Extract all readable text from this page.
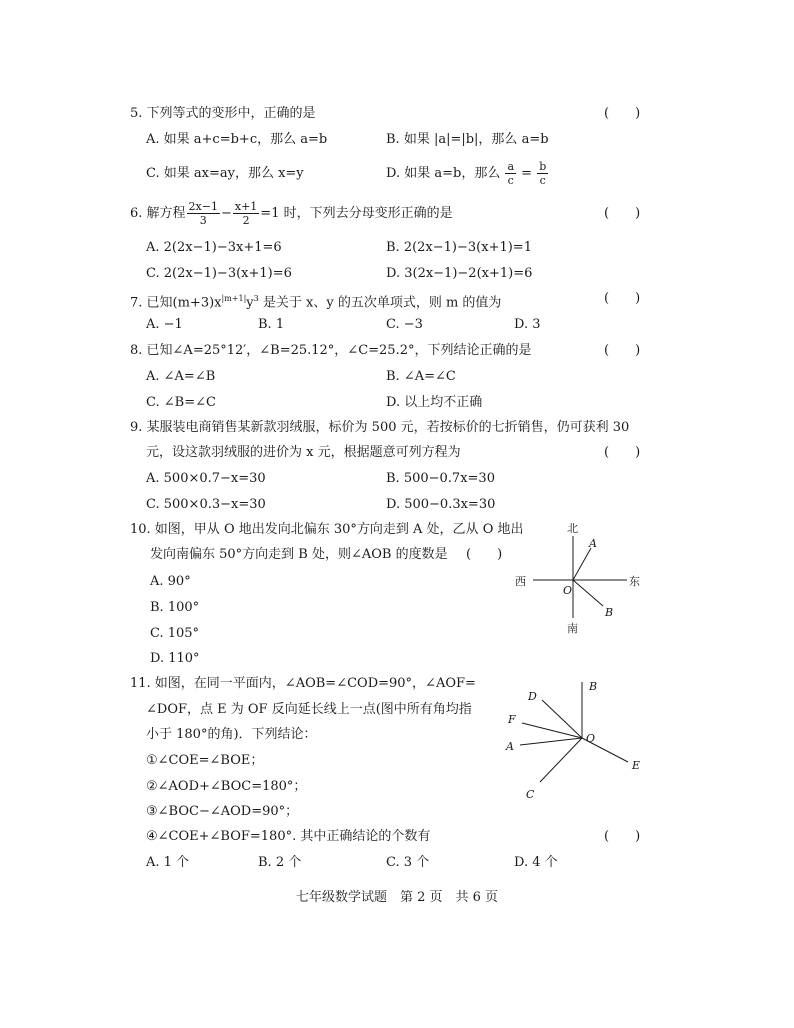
5. 下列等式的变形中，正确的是	(　　)
A. 如果 a+c=b+c，那么 a=b	B. 如果 |a|=|b|，那么 a=b
C. 如果 ax=ay，那么 x=y	D. 如果 a=b，那么 $\frac{a}{c} = \frac{b}{c}$
6. 解方程 $\frac{2x-1}{3} - \frac{x+1}{2} =1$ 时，下列去分母变形正确的是	(　　)
A. 2(2x−1)−3x+1=6	B. 2(2x−1)−3(x+1)=1
C. 2(2x−1)−3(x+1)=6	D. 3(2x−1)−2(x+1)=6
7. 已知$(m+3)x^{|m+1|}y^3$ 是关于 x、y 的五次单项式，则 m 的值为	(　　)
A. −1	B. 1	C. −3	D. 3
8. 已知∠A=25°12′，∠B=25.12°，∠C=25.2°，下列结论正确的是	(　　)
A. ∠A=∠B	B. ∠A=∠C
C. ∠B=∠C	D. 以上均不正确
9. 某服装电商销售某新款羽绒服，标价为 500 元，若按标价的七折销售，仍可获利 30
元，设这款羽绒服的进价为 x 元，根据题意可列方程为	(　　)
A. 500×0.7−x=30	B. 500−0.7x=30
C. 500×0.3−x=30	D. 500−0.3x=30
10. 如图，甲从 O 地出发向北偏东 30°方向走到 A 处，乙从 O 地出
发向南偏东 50°方向走到 B 处，则∠AOB 的度数是 (　　)
A. 90°
B. 100°
C. 105°
D. 110°
北
南
西	东
O
A
B
11. 如图，在同一平面内，∠AOB=∠COD=90°，∠AOF=
∠DOF，点 E 为 OF 反向延长线上一点(图中所有角均指
小于 180°的角)．下列结论：
①∠COE=∠BOE；
②∠AOD+∠BOC=180°；
③∠BOC−∠AOD=90°；
④∠COE+∠BOF=180°. 其中正确结论的个数有	(　　)
A. 1 个	B. 2 个	C. 3 个	D. 4 个
B
D
F
O
A
E
C
七年级数学试题　第 2 页　共 6 页
